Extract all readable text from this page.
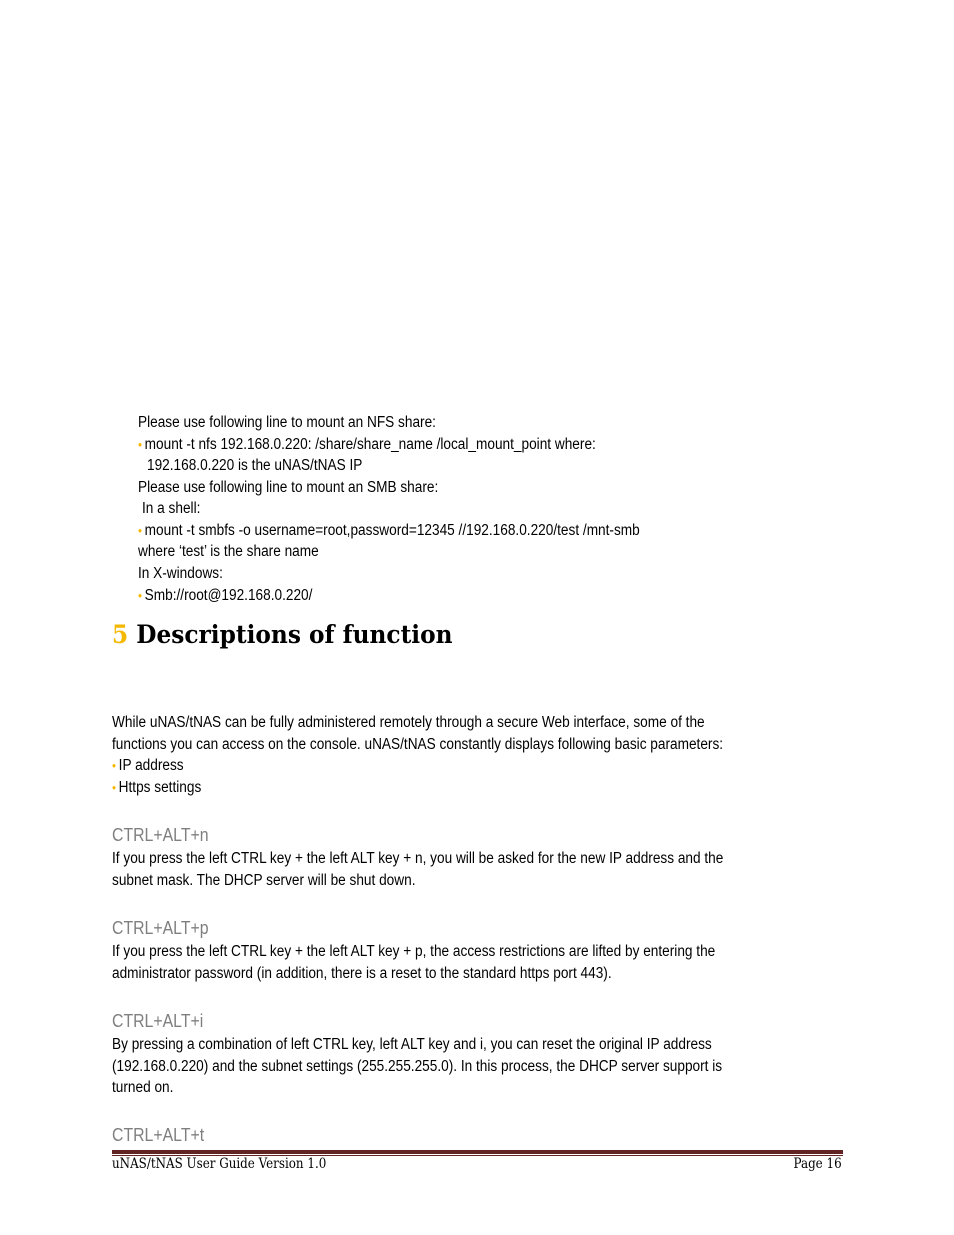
Please use following line to mount an NFS share:
• mount -t nfs 192.168.0.220: /share/share_name /local_mount_point where:
192.168.0.220 is the uNAS/tNAS IP
Please use following line to mount an SMB share:
In a shell:
• mount -t smbfs -o username=root,password=12345 //192.168.0.220/test /mnt-smb
where ‘test’ is the share name
In X-windows:
• Smb://root@192.168.0.220/
5 Descriptions of function
While uNAS/tNAS can be fully administered remotely through a secure Web interface, some of the
functions you can access on the console. uNAS/tNAS constantly displays following basic parameters:
• IP address
• Https settings
CTRL+ALT+n
If you press the left CTRL key + the left ALT key + n, you will be asked for the new IP address and the
subnet mask. The DHCP server will be shut down.
CTRL+ALT+p
If you press the left CTRL key + the left ALT key + p, the access restrictions are lifted by entering the
administrator password (in addition, there is a reset to the standard https port 443).
CTRL+ALT+i
By pressing a combination of left CTRL key, left ALT key and i, you can reset the original IP address
(192.168.0.220) and the subnet settings (255.255.255.0). In this process, the DHCP server support is
turned on.
CTRL+ALT+t
uNAS/tNAS User Guide Version 1.0	Page 16
